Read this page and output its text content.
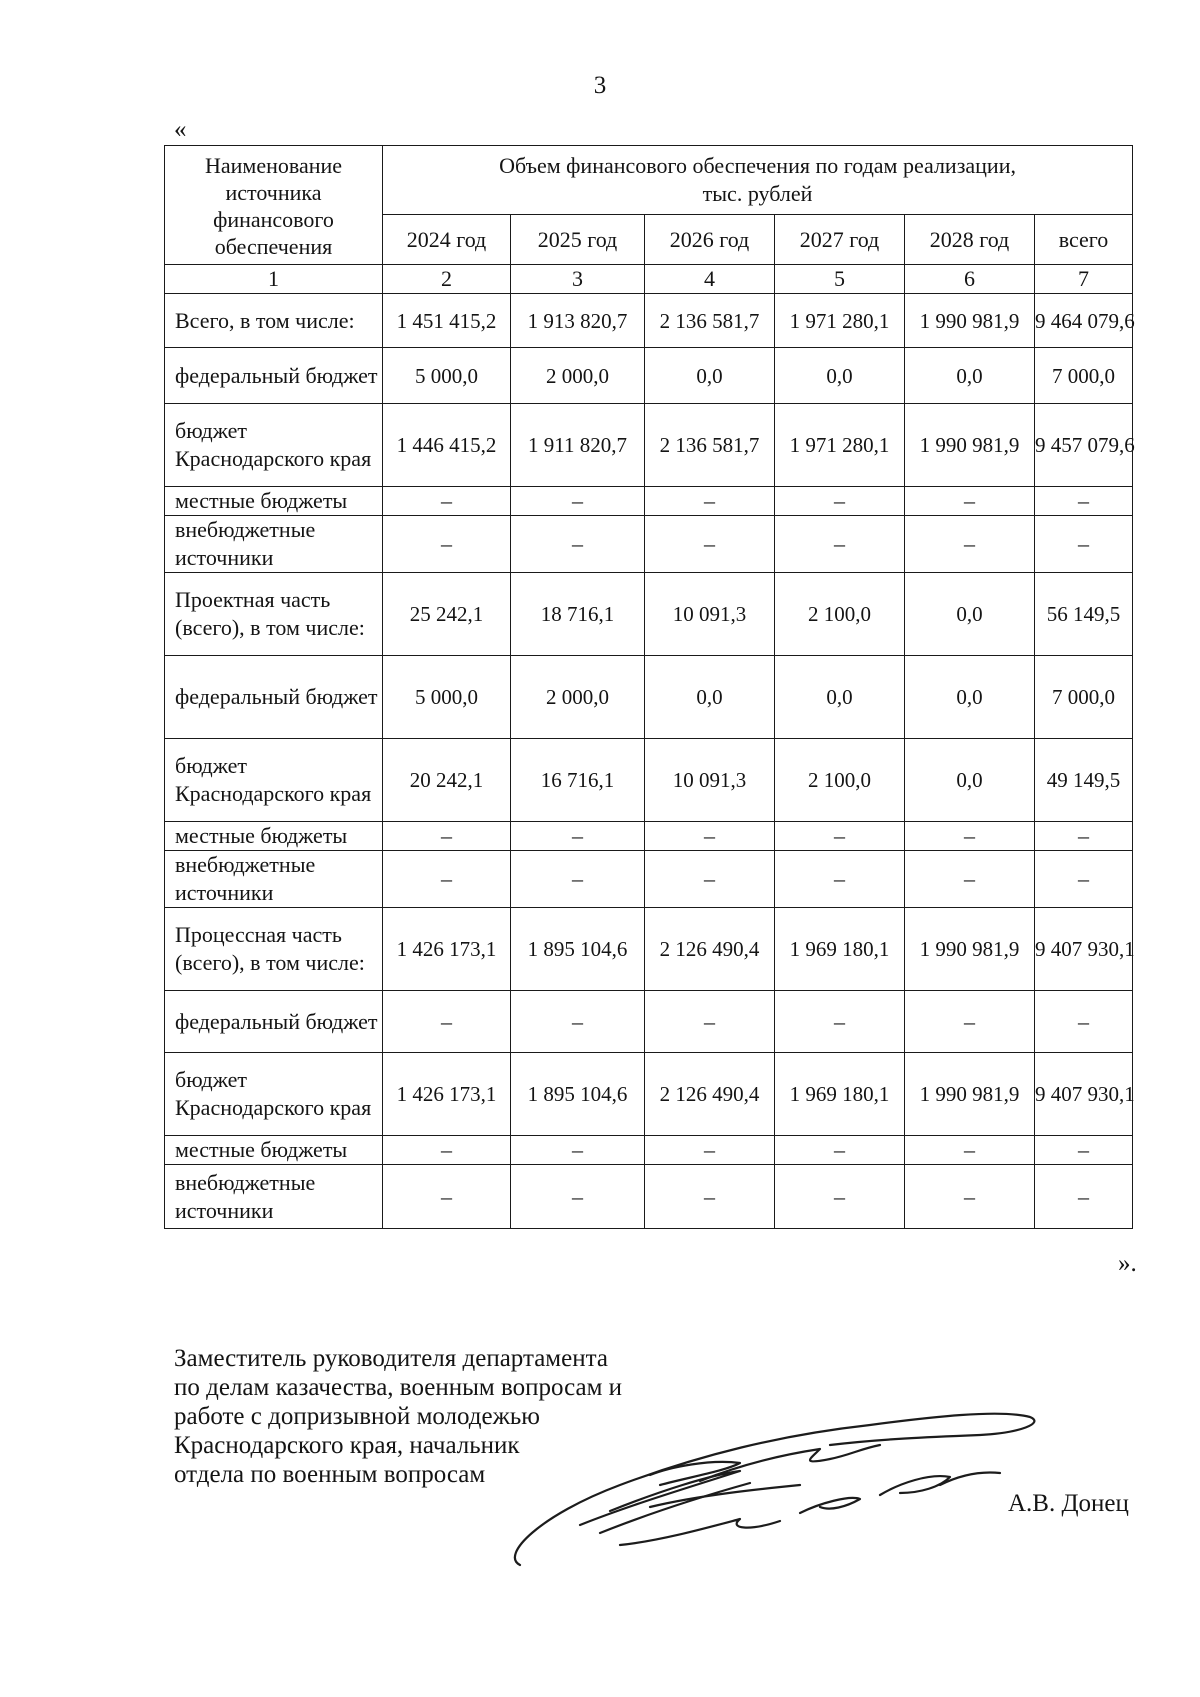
3
«
Наименование источника финансового обеспечения	Объем финансового обеспечения по годам реализации,
тыс. рублей					

	2024 год	2025 год	2026 год	2027 год	2028 год	всего
1	2	3	4	5	6	7
Всего, в том числе:	1 451 415,2	1 913 820,7	2 136 581,7	1 971 280,1	1 990 981,9	9 464 079,6
федеральный бюджет	5 000,0	2 000,0	0,0	0,0	0,0	7 000,0
бюджет Краснодарского края	1 446 415,2	1 911 820,7	2 136 581,7	1 971 280,1	1 990 981,9	9 457 079,6
местные бюджеты	–	–	–	–	–	–
внебюджетные источники	–	–	–	–	–	–
Проектная часть (всего), в том числе:	25 242,1	18 716,1	10 091,3	2 100,0	0,0	56 149,5
федеральный бюджет	5 000,0	2 000,0	0,0	0,0	0,0	7 000,0
бюджет Краснодарского края	20 242,1	16 716,1	10 091,3	2 100,0	0,0	49 149,5
местные бюджеты	–	–	–	–	–	–
внебюджетные источники	–	–	–	–	–	–
Процессная часть (всего), в том числе:	1 426 173,1	1 895 104,6	2 126 490,4	1 969 180,1	1 990 981,9	9 407 930,1
федеральный бюджет	–	–	–	–	–	–
бюджет Краснодарского края	1 426 173,1	1 895 104,6	2 126 490,4	1 969 180,1	1 990 981,9	9 407 930,1
местные бюджеты	–	–	–	–	–	–
внебюджетные источники	–	–	–	–	–	–
».
Заместитель руководителя департамента
по делам казачества, военным вопросам и
работе с допризывной молодежью
Краснодарского края, начальник
отдела по военным вопросам
А.В. Донец
